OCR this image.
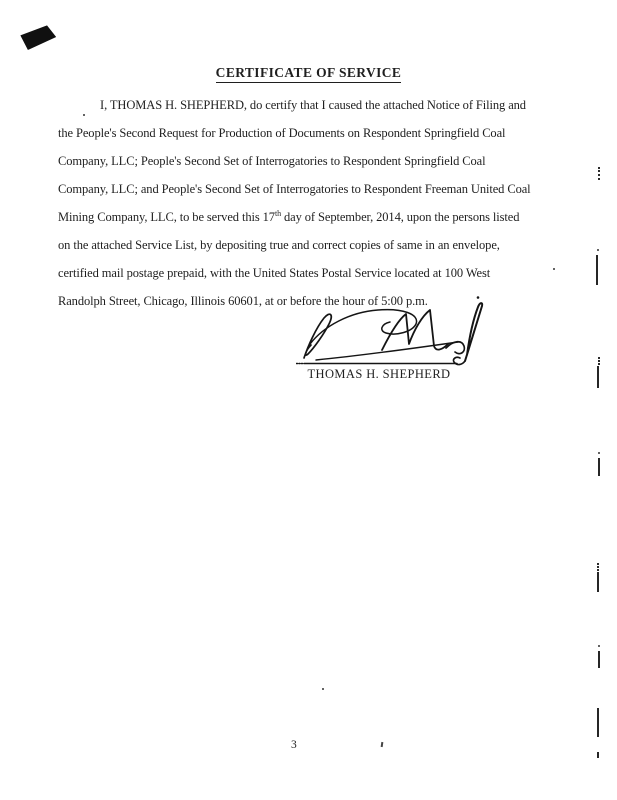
CERTIFICATE OF SERVICE
I, THOMAS H. SHEPHERD, do certify that I caused the attached Notice of Filing and
the People's Second Request for Production of Documents on Respondent Springfield Coal
Company, LLC; People's Second Set of Interrogatories to Respondent Springfield Coal
Company, LLC; and People's Second Set of Interrogatories to Respondent Freeman United Coal
Mining Company, LLC, to be served this 17th day of September, 2014, upon the persons listed
on the attached Service List, by depositing true and correct copies of same in an envelope,
certified mail postage prepaid, with the United States Postal Service located at 100 West
Randolph Street, Chicago, Illinois 60601, at or before the hour of 5:00 p.m.
THOMAS H. SHEPHERD
3
